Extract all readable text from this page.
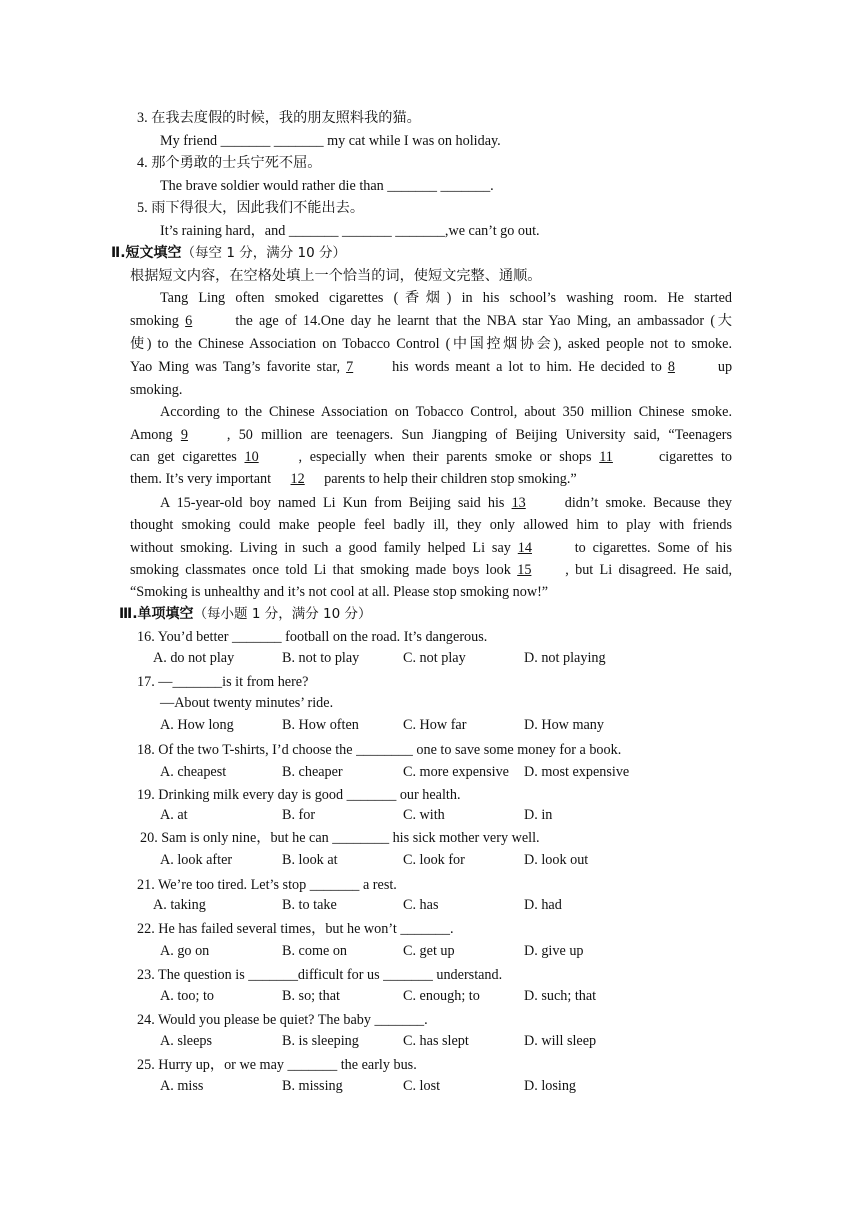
3. 在我去度假的时候，我的朋友照料我的猫。
My friend _______ _______ my cat while I was on holiday.
4. 那个勇敢的士兵宁死不屈。
The brave soldier would rather die than _______ _______.
5. 雨下得很大，因此我们不能出去。
It’s raining hard，and _______ _______ _______,we can’t go out.
Ⅱ.短文填空（每空 1 分，满分 10 分）
根据短文内容，在空格处填上一个恰当的词，使短文完整、通顺。
Tang Ling often smoked cigarettes (香烟) in his school’s washing room. He started
smoking 6	the age of 14.One day he learnt that the NBA star Yao Ming, an ambassador (大
使) to the Chinese Association on Tobacco Control (中国控烟协会), asked people not to smoke.
Yao Ming was Tang’s favorite star, 7	his words meant a lot to him. He decided to 8	up
smoking.
According to the Chinese Association on Tobacco Control, about 350 million Chinese smoke.
Among 9	, 50 million are teenagers. Sun Jiangping of Beijing University said, “Teenagers
can get cigarettes 10	, especially when their parents smoke or shops 11	cigarettes to
them. It’s very important 12 parents to help their children stop smoking.”
A 15-year-old boy named Li Kun from Beijing said his 13	didn’t smoke. Because they
thought smoking could make people feel badly ill, they only allowed him to play with friends
without smoking. Living in such a good family helped Li say 14	to cigarettes. Some of his
smoking classmates once told Li that smoking made boys look 15 , but Li disagreed. He said,
“Smoking is unhealthy and it’s not cool at all. Please stop smoking now!”
Ⅲ.单项填空（每小题 1 分，满分 10 分）
16. You’d better _______ football on the road. It’s dangerous.
A. do not play	B. not to play	C. not play	D. not playing
17. —_______is it from here?
—About twenty minutes’ ride.
A. How long	B. How often	C. How far	D. How many
18. Of the two T-shirts, I’d choose the ________ one to save some money for a book.
A. cheapest	B. cheaper	C. more expensive D. most expensive
19. Drinking milk every day is good _______ our health.
A. at	B. for	C. with	D. in
20. Sam is only nine，but he can ________ his sick mother very well.
A. look after	B. look at	C. look for	D. look out
21. We’re too tired. Let’s stop _______ a rest.
A. taking	B. to take	C. has	D. had
22. He has failed several times，but he won’t _______.
A. go on	B. come on	C. get up	D. give up
23. The question is _______difficult for us _______ understand.
A. too; to	B. so; that	C. enough; to	D. such; that
24. Would you please be quiet? The baby _______.
A. sleeps	B. is sleeping	C. has slept	D. will sleep
25. Hurry up，or we may _______ the early bus.
A. miss	B. missing	C. lost	D. losing
